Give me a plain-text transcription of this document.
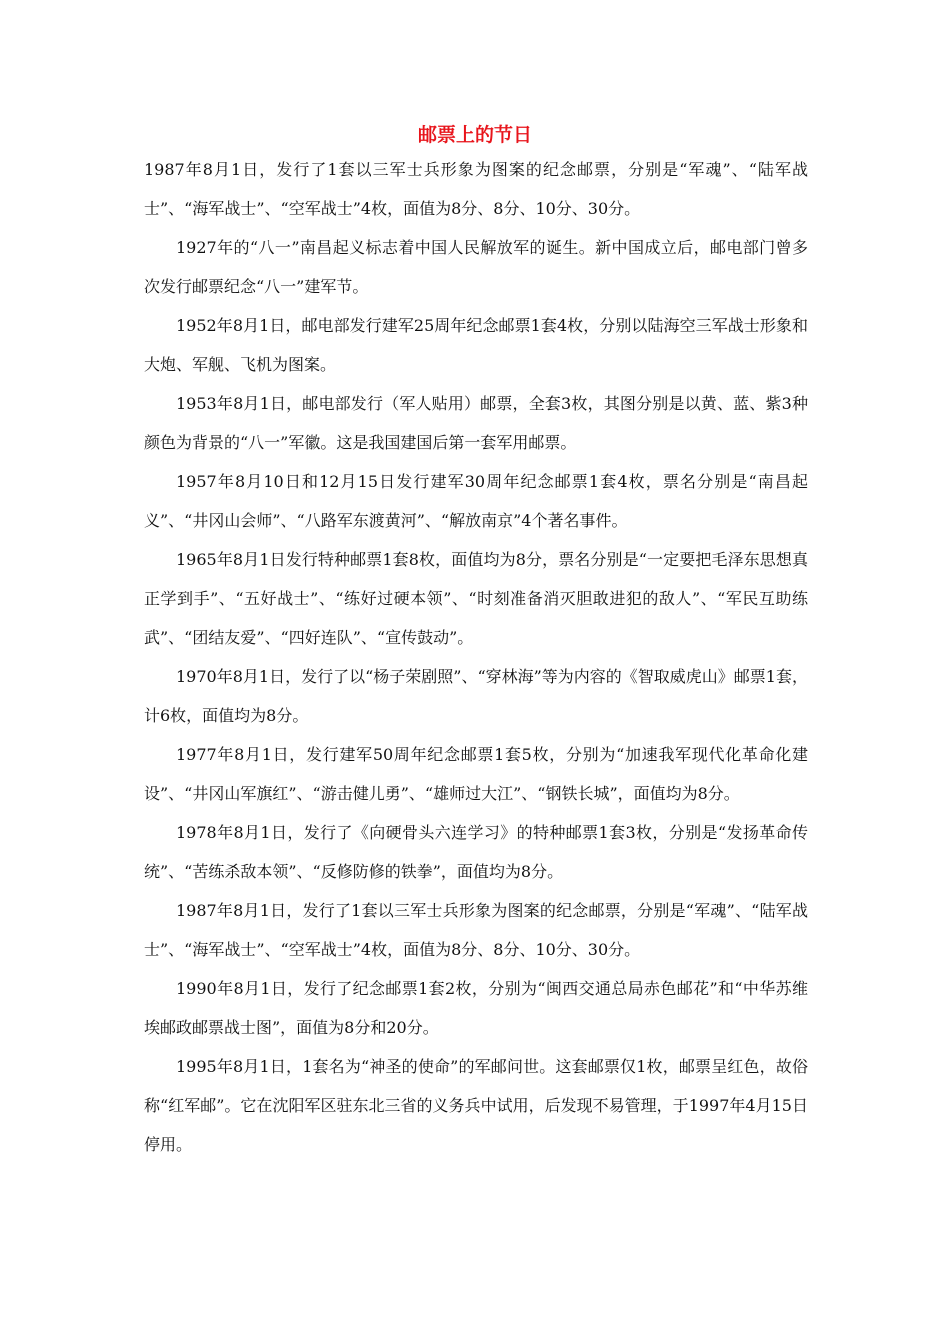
邮票上的节日

1987年8月1日，发行了1套以三军士兵形象为图案的纪念邮票，分别是“军魂”、“陆军战士”、“海军战士”、“空军战士”4枚，面值为8分、8分、10分、30分。

1927年的“八一”南昌起义标志着中国人民解放军的诞生。新中国成立后，邮电部门曾多次发行邮票纪念“八一”建军节。

1952年8月1日，邮电部发行建军25周年纪念邮票1套4枚，分别以陆海空三军战士形象和大炮、军舰、飞机为图案。

1953年8月1日，邮电部发行（军人贴用）邮票，全套3枚，其图分别是以黄、蓝、紫3种颜色为背景的“八一”军徽。这是我国建国后第一套军用邮票。

1957年8月10日和12月15日发行建军30周年纪念邮票1套4枚，票名分别是“南昌起义”、“井冈山会师”、“八路军东渡黄河”、“解放南京”4个著名事件。

1965年8月1日发行特种邮票1套8枚，面值均为8分，票名分别是“一定要把毛泽东思想真正学到手”、“五好战士”、“练好过硬本领”、“时刻准备消灭胆敢进犯的敌人”、“军民互助练武”、“团结友爱”、“四好连队”、“宣传鼓动”。

1970年8月1日，发行了以“杨子荣剧照”、“穿林海”等为内容的《智取威虎山》邮票1套，计6枚，面值均为8分。

1977年8月1日，发行建军50周年纪念邮票1套5枚，分别为“加速我军现代化革命化建设”、“井冈山军旗红”、“游击健儿勇”、“雄师过大江”、“钢铁长城”，面值均为8分。

1978年8月1日，发行了《向硬骨头六连学习》的特种邮票1套3枚，分别是“发扬革命传统”、“苦练杀敌本领”、“反修防修的铁拳”，面值均为8分。

1987年8月1日，发行了1套以三军士兵形象为图案的纪念邮票，分别是“军魂”、“陆军战士”、“海军战士”、“空军战士”4枚，面值为8分、8分、10分、30分。

1990年8月1日，发行了纪念邮票1套2枚，分别为“闽西交通总局赤色邮花”和“中华苏维埃邮政邮票战士图”，面值为8分和20分。

1995年8月1日，1套名为“神圣的使命”的军邮问世。这套邮票仅1枚，邮票呈红色，故俗称“红军邮”。它在沈阳军区驻东北三省的义务兵中试用，后发现不易管理，于1997年4月15日停用。
